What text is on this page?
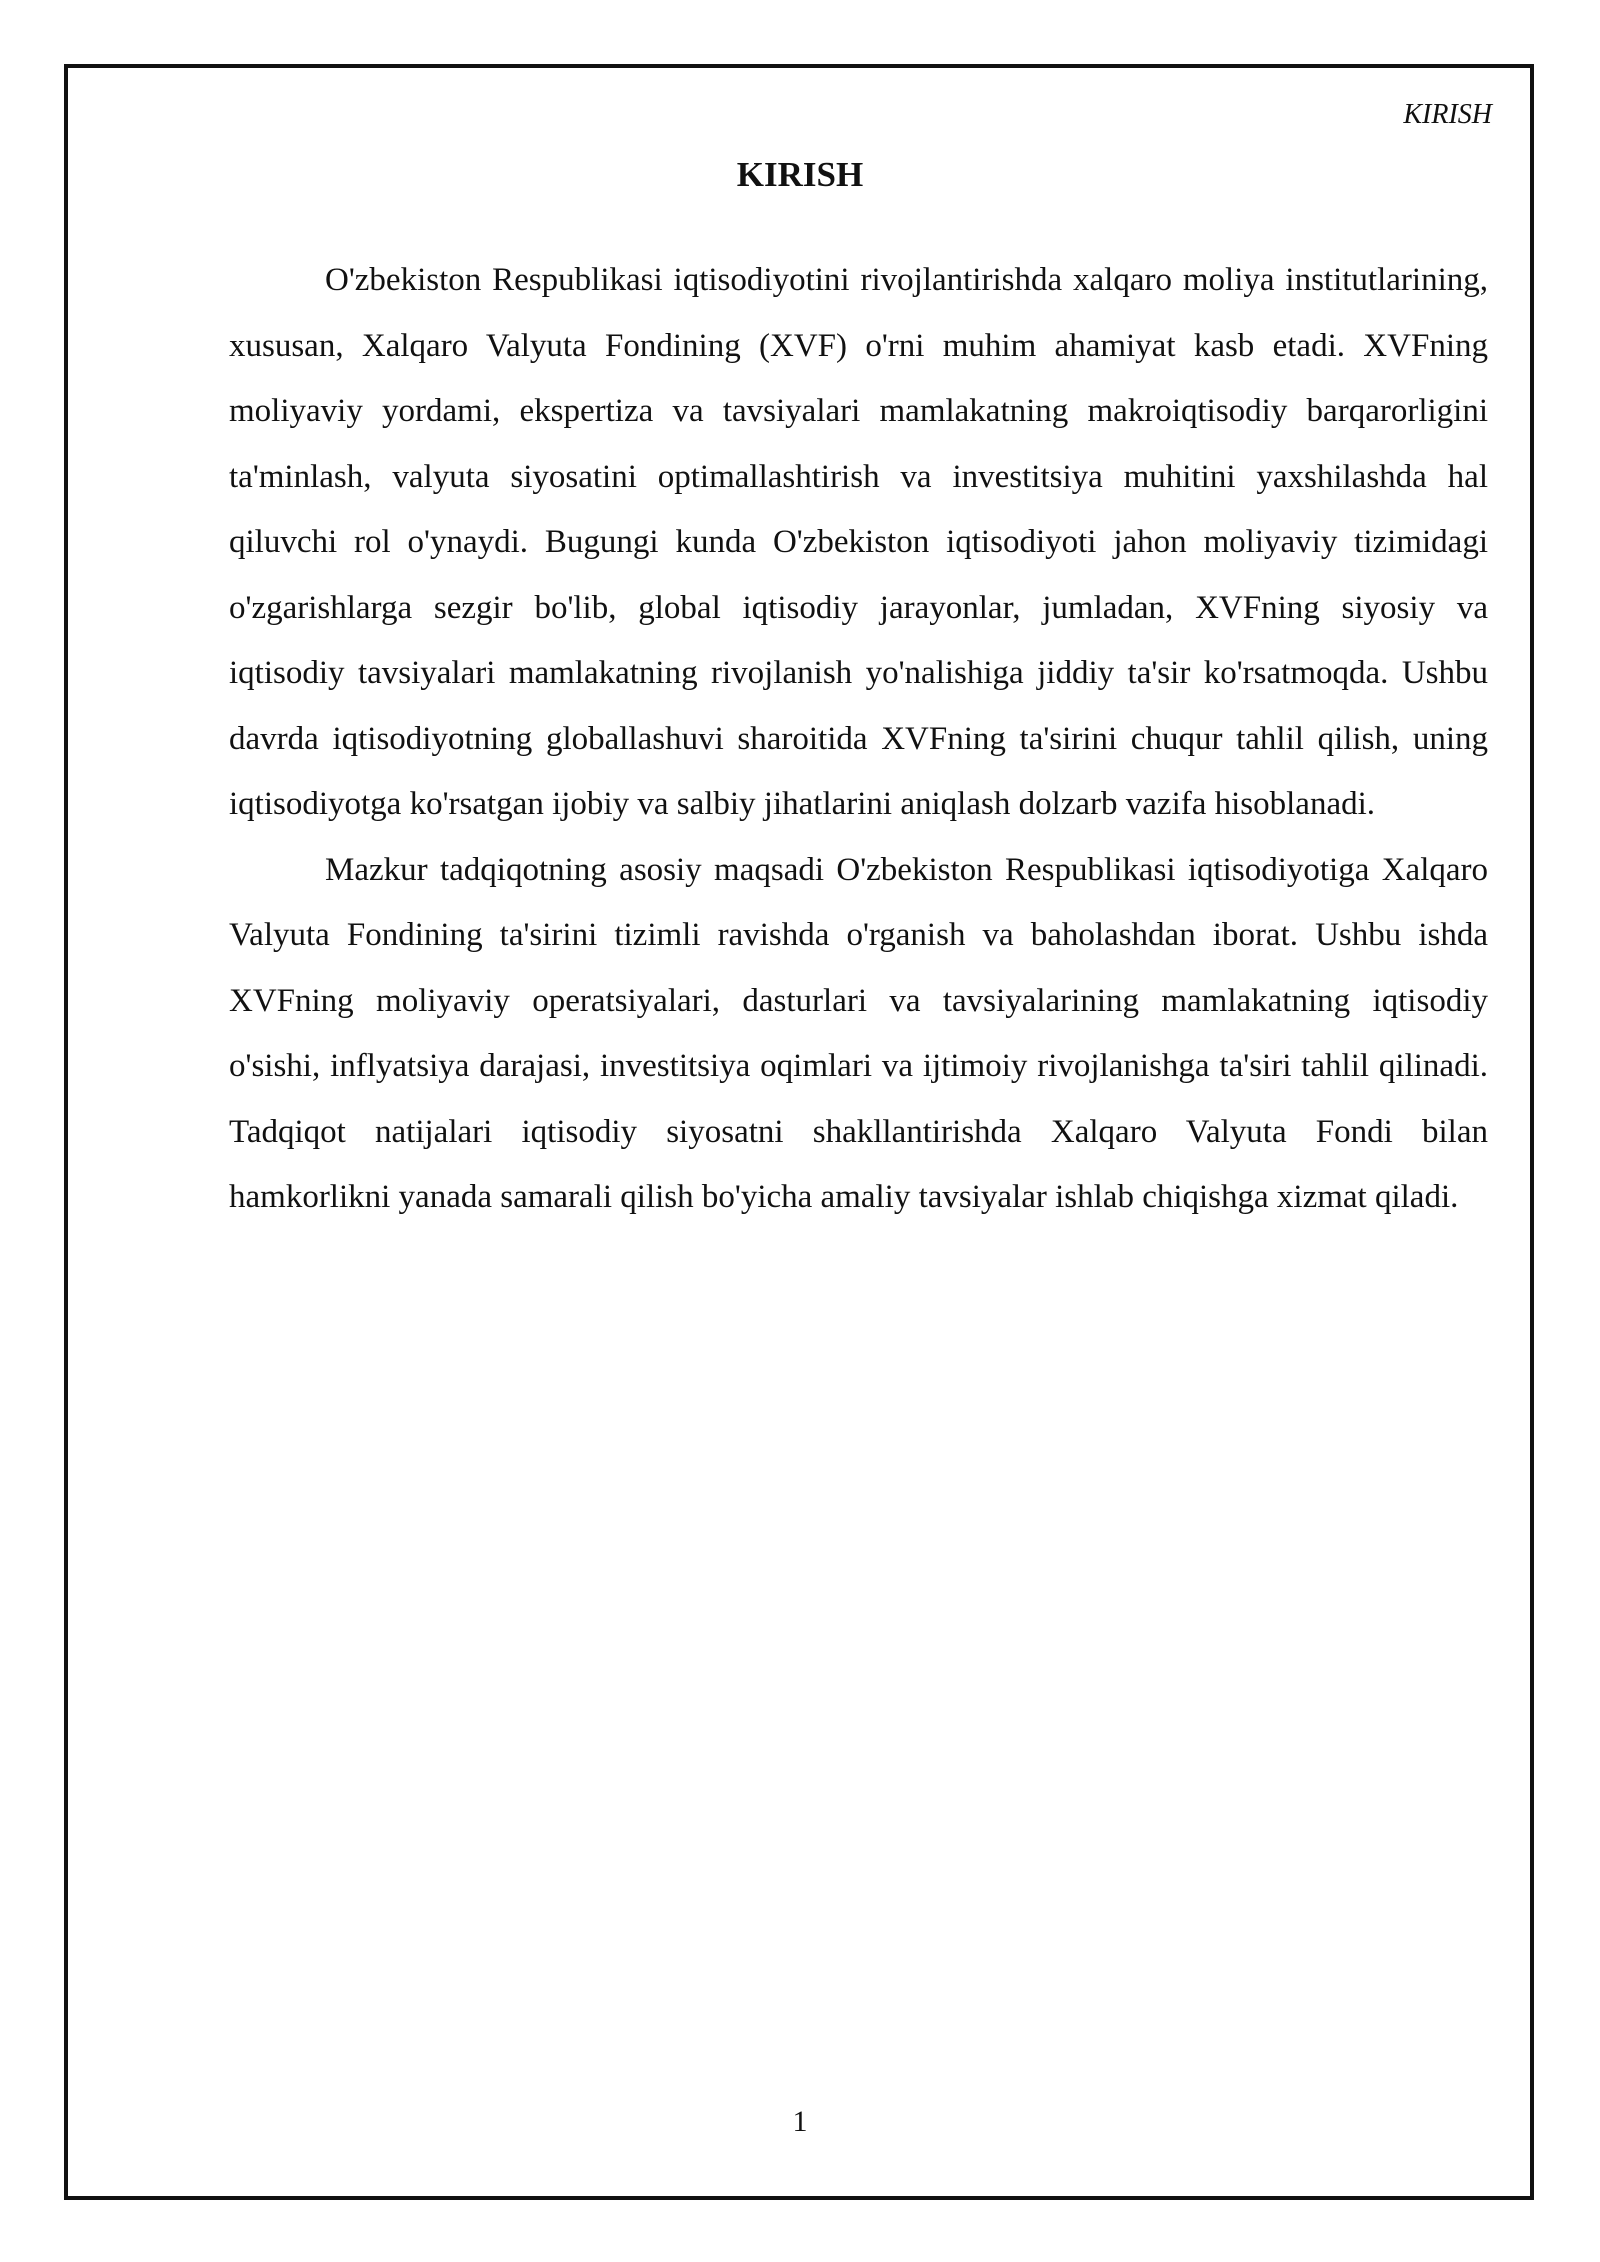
KIRISH
KIRISH

O'zbekiston Respublikasi iqtisodiyotini rivojlantirishda xalqaro moliya institutlarining, xususan, Xalqaro Valyuta Fondining (XVF) o'rni muhim ahamiyat kasb etadi. XVFning moliyaviy yordami, ekspertiza va tavsiyalari mamlakatning makroiqtisodiy barqarorligini ta'minlash, valyuta siyosatini optimallashtirish va investitsiya muhitini yaxshilashda hal qiluvchi rol o'ynaydi. Bugungi kunda O'zbekiston iqtisodiyoti jahon moliyaviy tizimidagi o'zgarishlarga sezgir bo'lib, global iqtisodiy jarayonlar, jumladan, XVFning siyosiy va iqtisodiy tavsiyalari mamlakatning rivojlanish yo'nalishiga jiddiy ta'sir ko'rsatmoqda. Ushbu davrda iqtisodiyotning globallashuvi sharoitida XVFning ta'sirini chuqur tahlil qilish, uning iqtisodiyotga ko'rsatgan ijobiy va salbiy jihatlarini aniqlash dolzarb vazifa hisoblanadi.

Mazkur tadqiqotning asosiy maqsadi O'zbekiston Respublikasi iqtisodiyotiga Xalqaro Valyuta Fondining ta'sirini tizimli ravishda o'rganish va baholashdan iborat. Ushbu ishda XVFning moliyaviy operatsiyalari, dasturlari va tavsiyalarining mamlakatning iqtisodiy o'sishi, inflyatsiya darajasi, investitsiya oqimlari va ijtimoiy rivojlanishga ta'siri tahlil qilinadi. Tadqiqot natijalari iqtisodiy siyosatni shakllantirishda Xalqaro Valyuta Fondi bilan hamkorlikni yanada samarali qilish bo'yicha amaliy tavsiyalar ishlab chiqishga xizmat qiladi.

1
